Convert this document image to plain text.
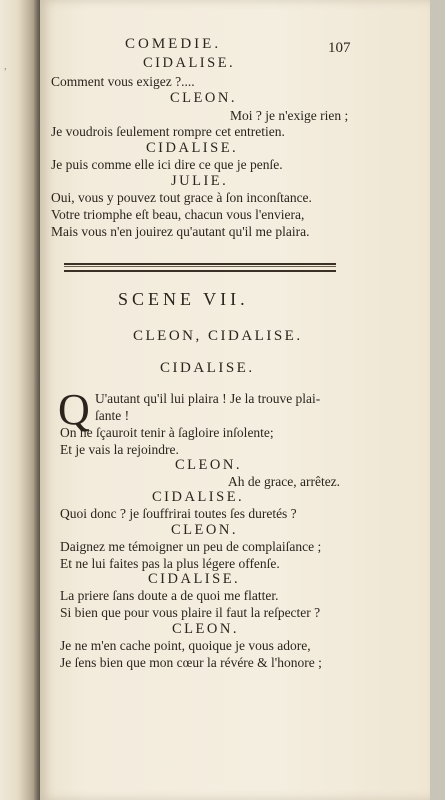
,
COMEDIE.	107
CIDALISE.
Comment vous exigez ?....
CLEON.
Moi ? je n'exige rien ;
Je voudrois ſeulement rompre cet entretien.
CIDALISE.
Je puis comme elle ici dire ce que je penſe.
JULIE.
Oui, vous y pouvez tout grace à ſon inconſtance.
Votre triomphe eſt beau, chacun vous l'enviera,
Mais vous n'en jouirez qu'autant qu'il me plaira.
SCENE VII.
CLEON, CIDALISE.
CIDALISE.
Q U'autant qu'il lui plaira ! Je la trouve plai-
ſante !
On ne ſçauroit tenir à ſagloire inſolente;
Et je vais la rejoindre.
CLEON.
Ah de grace, arrêtez.
CIDALISE.
Quoi donc ? je ſouffrirai toutes ſes duretés ?
CLEON.
Daignez me témoigner un peu de complaiſance ;
Et ne lui faites pas la plus légere offenſe.
CIDALISE.
La priere ſans doute a de quoi me flatter.
Si bien que pour vous plaire il faut la reſpecter ?
CLEON.
Je ne m'en cache point, quoique je vous adore,
Je ſens bien que mon cœur la révére & l'honore ;
